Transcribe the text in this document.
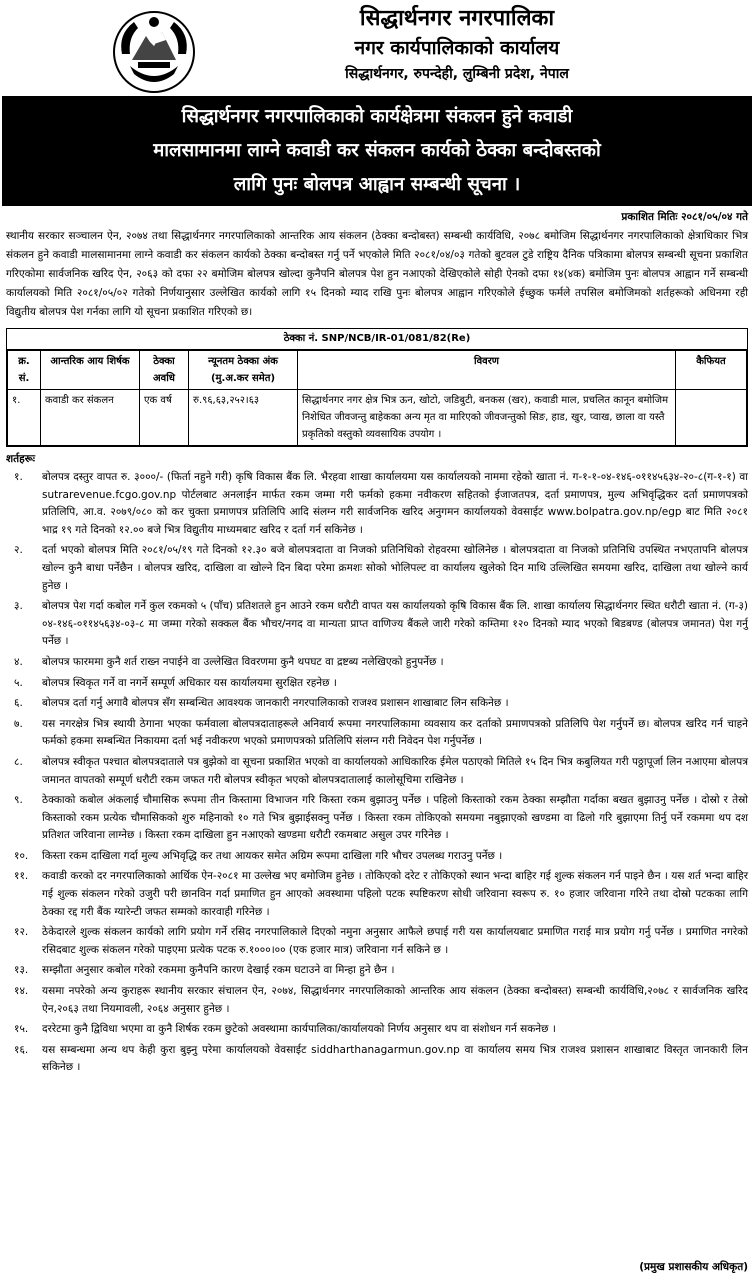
सिद्धार्थनगर नगरपालिका
नगर कार्यपालिकाको कार्यालय
सिद्धार्थनगर, रुपन्देही, लुम्बिनी प्रदेश, नेपाल
सिद्धार्थनगर नगरपालिकाको कार्यक्षेत्रमा संकलन हुने कवाडी
मालसामानमा लाग्ने कवाडी कर संकलन कार्यको ठेक्का बन्दोबस्तको
लागि पुनः बोलपत्र आह्वान सम्बन्धी सूचना ।
प्रकाशित मितिः २०८१/०५/०४ गते
स्थानीय सरकार सञ्चालन ऐन, २०७४ तथा सिद्धार्थनगर नगरपालिकाको आन्तरिक आय संकलन (ठेक्का बन्दोबस्त) सम्बन्धी कार्यविधि, २०७८ बमोजिम सिद्धार्थनगर नगरपालिकाको क्षेत्राधिकार भित्र संकलन हुने कवाडी मालसामानमा लाग्ने कवाडी कर संकलन कार्यको ठेक्का बन्दोबस्त गर्नु पर्ने भएकोले मिति २०८१/०४/०३ गतेको बुटवल टुडे राष्ट्रिय दैनिक पत्रिकामा बोलपत्र सम्बन्धी सूचना प्रकाशित गरिएकोमा सार्वजनिक खरिद ऐन, २०६३ को दफा २२ बमोजिम बोलपत्र खोल्दा कुनैपनि बोलपत्र पेश हुन नआएको देखिएकोले सोही ऐनको दफा १४(४क) बमोजिम पुनः बोलपत्र आह्वान गर्ने सम्बन्धी कार्यालयको मिति २०८१/०५/०२ गतेको निर्णयानुसार उल्लेखित कार्यको लागि १५ दिनको म्याद राखि पुनः बोलपत्र आह्वान गरिएकोले ईच्छुक फर्मले तपसिल बमोजिमको शर्तहरूको अधिनमा रही विद्युतीय बोलपत्र पेश गर्नका लागि यो सूचना प्रकाशित गरिएको छ।
ठेक्का नं. SNP/NCB/IR-01/081/82(Re)
क्र. सं.	आन्तरिक आय शिर्षक	ठेक्का अवधि	न्यूनतम ठेक्का अंक (मु.अ.कर समेत)	विवरण	कैफियत
१.	कवाडी कर संकलन	एक वर्ष	रु.९६,६३,२५२।६३	सिद्धार्थनगर नगर क्षेत्र भित्र ऊन, खोटो, जडिबुटी, बनकस (खर), कवाडी माल, प्रचलित कानून बमोजिम निशेधित जीवजन्तु बाहेकका अन्य मृत वा मारिएको जीवजन्तुको सिङ, हाड, खुर, प्वाख, छाला वा यस्तै प्रकृतिको वस्तुको व्यवसायिक उपयोग ।	
शर्तहरूः
१.	बोलपत्र दस्तुर वापत रु. ३०००/- (फिर्ता नहुने गरी) कृषि विकास बैंक लि. भैरहवा शाखा कार्यालयमा यस कार्यालयको नाममा रहेको खाता नं. ग-१-१-०४-१४६-०११४५६३४-२०-८(ग-१-१) वा sutrarevenue.fcgo.gov.np पोर्टलबाट अनलाईन मार्फत रकम जम्मा गरी फर्मको हकमा नवीकरण सहितको ईजाजतपत्र, दर्ता प्रमाणपत्र, मुल्य अभिवृद्धिकर दर्ता प्रमाणपत्रको प्रतिलिपि, आ.व. २०७९/०८० को कर चुक्ता प्रमाणपत्र प्रतिलिपि आदि संलग्न गरी सार्वजनिक खरिद अनुगमन कार्यालयको वेवसाईट www.bolpatra.gov.np/egp बाट मिति २०८१ भाद्र १९ गते दिनको १२.०० बजे भित्र विद्युतीय माध्यमबाट खरिद र दर्ता गर्न सकिनेछ ।
२.	दर्ता भएको बोलपत्र मिति २०८१/०५/१९ गते दिनको १२.३० बजे बोलपत्रदाता वा निजको प्रतिनिधिको रोहवरमा खोलिनेछ । बोलपत्रदाता वा निजको प्रतिनिधि उपस्थित नभएतापनि बोलपत्र खोल्न कुनै बाधा पर्नेछैन । बोलपत्र खरिद, दाखिला वा खोल्ने दिन बिदा परेमा क्रमशः सोको भोलिपल्ट वा कार्यालय खुलेको दिन माथि उल्लिखित समयमा खरिद, दाखिला तथा खोल्ने कार्य हुनेछ ।
३.	बोलपत्र पेश गर्दा कबोल गर्ने कुल रकमको ५ (पाँच) प्रतिशतले हुन आउने रकम धरौटी वापत यस कार्यालयको कृषि विकास बैंक लि. शाखा कार्यालय सिद्धार्थनगर स्थित धरौटी खाता नं. (ग-३) ०४-१४६-०११४५६३४-०३-८ मा जम्मा गरेको सक्कल बैंक भौचर/नगद वा मान्यता प्राप्त वाणिज्य बैंकले जारी गरेको कम्तिमा १२० दिनको म्याद भएको बिडबण्ड (बोलपत्र जमानत) पेश गर्नु पर्नेछ ।
४.	बोलपत्र फारममा कुनै शर्त राख्न नपाईने वा उल्लेखित विवरणमा कुनै थपघट वा द्रष्टब्य नलेखिएको हुनुपर्नेछ ।
५.	बोलपत्र स्विकृत गर्ने वा नगर्ने सम्पूर्ण अधिकार यस कार्यालयमा सुरक्षित रहनेछ ।
६.	बोलपत्र दर्ता गर्नु अगावै बोलपत्र सँग सम्बन्धित आवश्यक जानकारी नगरपालिकाको राजश्व प्रशासन शाखाबाट लिन सकिनेछ ।
७.	यस नगरक्षेत्र भित्र स्थायी ठेगाना भएका फर्मवाला बोलपत्रदाताहरूले अनिवार्य रूपमा नगरपालिकामा व्यवसाय कर दर्ताको प्रमाणपत्रको प्रतिलिपि पेश गर्नुपर्ने छ। बोलपत्र खरिद गर्न चाहने फर्मको हकमा सम्बन्धित निकायमा दर्ता भई नवीकरण भएको प्रमाणपत्रको प्रतिलिपि संलग्न गरी निवेदन पेश गर्नुपर्नेछ ।
८.	बोलपत्र स्वीकृत पश्चात बोलपत्रदाताले पत्र बुझेको वा सूचना प्रकाशित भएको वा कार्यालयको आधिकारिक ईमेल पठाएको मितिले १५ दिन भित्र कबुलियत गरी पठ्ठापूर्जा लिन नआएमा बोलपत्र जमानत वापतको सम्पूर्ण धरौटी रकम जफत गरी बोलपत्र स्वीकृत भएको बोलपत्रदातालाई कालोसूचिमा राखिनेछ ।
९.	ठेक्काको कबोल अंकलाई चौमासिक रूपमा तीन किस्तामा विभाजन गरि किस्ता रकम बुझाउनु पर्नेछ । पहिलो किस्ताको रकम ठेक्का सम्झौता गर्दाका बखत बुझाउनु पर्नेछ । दोस्रो र तेस्रो किस्ताको रकम प्रत्येक चौमासिकको शुरु महिनाको १० गते भित्र बुझाईसक्नु पर्नेछ । किस्ता रकम तोकिएको समयमा नबुझाएको खण्डमा वा ढिलो गरि बुझाएमा तिर्नु पर्ने रकममा थप दश प्रतिशत जरिवाना लाग्नेछ । किस्ता रकम दाखिला हुन नआएको खण्डमा धरौटी रकमबाट असुल उपर गरिनेछ ।
१०.	किस्ता रकम दाखिला गर्दा मुल्य अभिवृद्धि कर तथा आयकर समेत अग्रिम रूपमा दाखिला गरि भौचर उपलब्ध गराउनु पर्नेछ ।
११.	कवाडी करको दर नगरपालिकाको आर्थिक ऐन-२०८१ मा उल्लेख भए बमोजिम हुनेछ । तोकिएको दरेट र तोकिएको स्थान भन्दा बाहिर गई शुल्क संकलन गर्न पाइने छैन । यस शर्त भन्दा बाहिर गई शुल्क संकलन गरेको उजुरी परी छानविन गर्दा प्रमाणित हुन आएको अवस्थामा पहिलो पटक स्पष्टिकरण सोधी जरिवाना स्वरूप रु. १० हजार जरिवाना गरिने तथा दोस्रो पटकका लागि ठेक्का रद्द गरी बैंक ग्यारेन्टी जफत सम्मको कारवाही गरिनेछ ।
१२.	ठेकेदारले शुल्क संकलन कार्यको लागि प्रयोग गर्ने रसिद नगरपालिकाले दिएको नमुना अनुसार आफैले छपाई गरी यस कार्यालयबाट प्रमाणित गराई मात्र प्रयोग गर्नु पर्नेछ । प्रमाणित नगरेको रसिदबाट शुल्क संकलन गरेको पाइएमा प्रत्येक पटक रु.१०००।०० (एक हजार मात्र) जरिवाना गर्न सकिने छ ।
१३.	सम्झौता अनुसार कबोल गरेको रकममा कुनैपनि कारण देखाई रकम घटाउने वा मिन्हा हुने छैन ।
१४.	यसमा नपरेको अन्य कुराहरू स्थानीय सरकार संचालन ऐन, २०७४, सिद्धार्थनगर नगरपालिकाको आन्तरिक आय संकलन (ठेक्का बन्दोबस्त) सम्बन्धी कार्यविधि,२०७८ र सार्वजनिक खरिद ऐन,२०६३ तथा नियमावली, २०६४ अनुसार हुनेछ ।
१५.	दररेटमा कुनै द्विविधा भएमा वा कुनै शिर्षक रकम छुटेको अवस्थामा कार्यपालिका/कार्यालयको निर्णय अनुसार थप वा संशोधन गर्न सकनेछ ।
१६.	यस सम्बन्धमा अन्य थप केही कुरा बुझ्नु परेमा कार्यालयको वेवसाईट siddharthanagarmun.gov.np वा कार्यालय समय भित्र राजश्व प्रशासन शाखाबाट विस्तृत जानकारी लिन सकिनेछ ।
(प्रमुख प्रशासकीय अधिकृत)
